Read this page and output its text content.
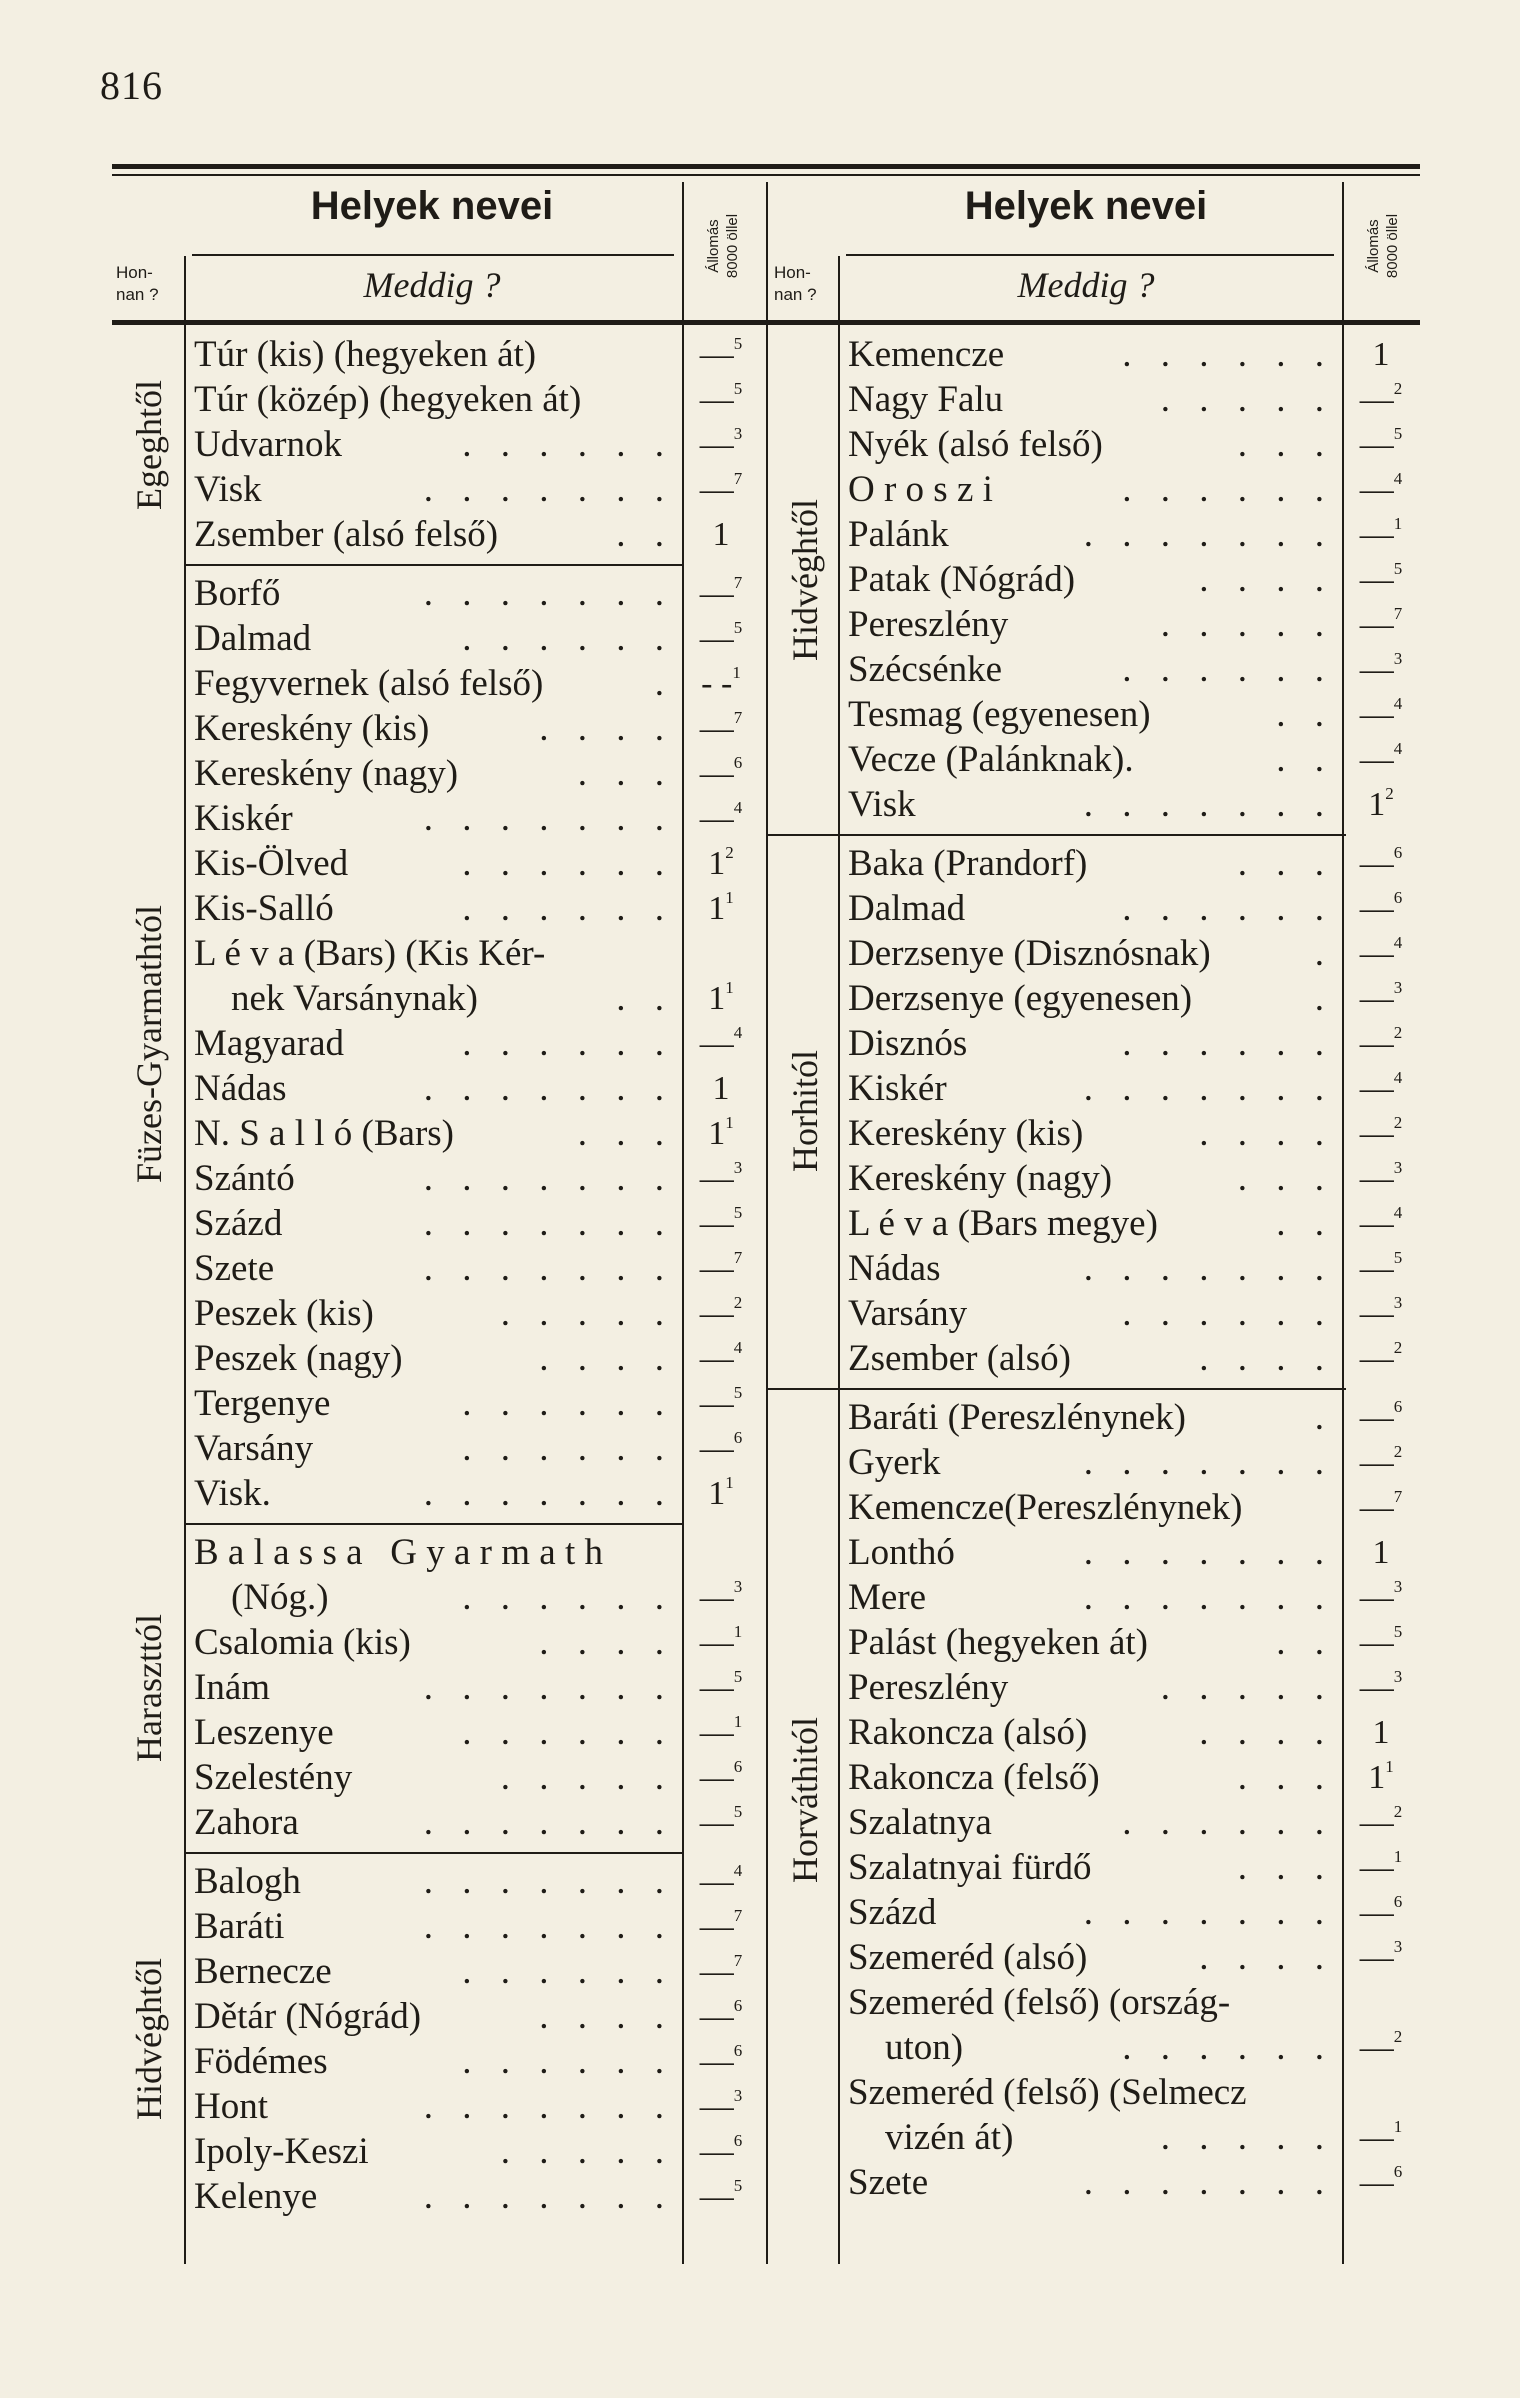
816
Helyek nevei
Hon-
nan ?	Meddig ?
Állomás
8000 öllel
Túr (kis) (hegyeken át)	—$^5$
Túr (közép) (hegyeken át)	—$^5$
Udvarnok	. . . . . . —$^3$
Visk	. . . . . . . —$^7$
Zsember (alsó felső)	. .	1
Egeghtől
Borfő	. . . . . . . —$^7$
Dalmad	. . . . . . —$^5$
Fegyvernek (alsó felső)	. - -$^1$
Kereskény (kis)	. . . . —$^7$
Kereskény (nagy)	. . . —$^6$
Kiskér	. . . . . . . —$^4$
Kis-Ölved	. . . . . .	$1^2$
Kis-Salló	. . . . . .	$1^1$
L é v a (Bars) (Kis Kér-
nek Varsánynak)	. .	$1^1$
Magyarad	. . . . . . —$^4$
Nádas	. . . . . . .	1
N. S a l l ó (Bars)	. . .	$1^1$
Szántó	. . . . . . . —$^3$
Százd	. . . . . . . —$^5$
Szete	. . . . . . . —$^7$
Peszek (kis)	. . . . . —$^2$
Peszek (nagy)	. . . . —$^4$
Tergenye	. . . . . . —$^5$
Varsány	. . . . . . —$^6$
Visk.	. . . . . . .	$1^1$
Füzes-Gyarmathtól
B a l a s s a   G y a r m a t h
(Nóg.)	. . . . . . —$^3$
Csalomia (kis)	. . . . —$^1$
Inám	. . . . . . . —$^5$
Leszenye	. . . . . . —$^1$
Szelestény	. . . . . —$^6$
Zahora	. . . . . . . —$^5$
Haraszttól
Balogh	. . . . . . . —$^4$
Baráti	. . . . . . . —$^7$
Bernecze	. . . . . . —$^7$
Dětár (Nógrád)	. . . . —$^6$
Födémes	. . . . . . —$^6$
Hont	. . . . . . . —$^3$
Ipoly-Keszi	. . . . . —$^6$
Kelenye	. . . . . . . —$^5$
Hidvéghtől
Helyek nevei
Hon-
nan ?	Meddig ?
Állomás
8000 öllel
Kemencze	. . . . . .	1
Nagy Falu	. . . . . —$^2$
Nyék (alsó felső)	. . . —$^5$
O r o s z i	. . . . . . —$^4$
Palánk	. . . . . . . —$^1$
Patak (Nógrád)	. . . . —$^5$
Pereszlény	. . . . . —$^7$
Szécsénke	. . . . . . —$^3$
Tesmag (egyenesen)	. . —$^4$
Vecze (Palánknak).	. . —$^4$
Visk	. . . . . . .	$1^2$
Hidvéghtől
Baka (Prandorf)	. . . —$^6$
Dalmad	. . . . . . —$^6$
Derzsenye (Disznósnak)	. —$^4$
Derzsenye (egyenesen)	. —$^3$
Disznós	. . . . . . —$^2$
Kiskér	. . . . . . . —$^4$
Kereskény (kis)	. . . . —$^2$
Kereskény (nagy)	. . . —$^3$
L é v a (Bars megye)	. . —$^4$
Nádas	. . . . . . . —$^5$
Varsány	. . . . . . —$^3$
Zsember (alsó)	. . . . —$^2$
Horhitól
Baráti (Pereszlénynek)	. —$^6$
Gyerk	. . . . . . . —$^2$
Kemencze(Pereszlénynek)	—$^7$
Lonthó	. . . . . . .	1
Mere	. . . . . . . —$^3$
Palást (hegyeken át)	. . —$^5$
Pereszlény	. . . . . —$^3$
Rakoncza (alsó)	. . . .	1
Rakoncza (felső)	. . .	$1^1$
Szalatnya	. . . . . . —$^2$
Szalatnyai fürdő	. . . —$^1$
Százd	. . . . . . . —$^6$
Szemeréd (alsó)	. . . . —$^3$
Szemeréd (felső) (ország-
uton)	. . . . . . —$^2$
Szemeréd (felső) (Selmecz
vizén át)	. . . . . —$^1$
Szete	. . . . . . . —$^6$
Horváthitól
